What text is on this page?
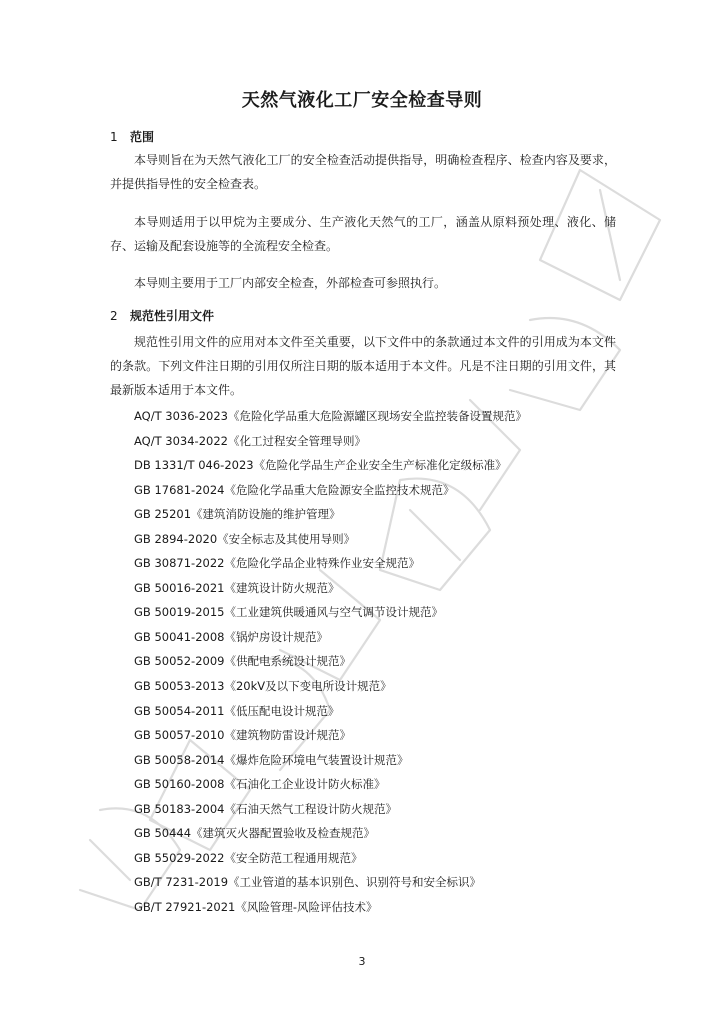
天然气液化工厂安全检查导则
1 范围

本导则旨在为天然气液化工厂的安全检查活动提供指导，明确检查程序、检查内容及要求，并提供指导性的安全检查表。

本导则适用于以甲烷为主要成分、生产液化天然气的工厂，涵盖从原料预处理、液化、储存、运输及配套设施等的全流程安全检查。

本导则主要用于工厂内部安全检查，外部检查可参照执行。

2 规范性引用文件

规范性引用文件的应用对本文件至关重要，以下文件中的条款通过本文件的引用成为本文件的条款。下列文件注日期的引用仅所注日期的版本适用于本文件。凡是不注日期的引用文件，其最新版本适用于本文件。

AQ/T 3036-2023《危险化学品重大危险源罐区现场安全监控装备设置规范》
AQ/T 3034-2022《化工过程安全管理导则》
DB 1331/T 046-2023《危险化学品生产企业安全生产标准化定级标准》
GB 17681-2024《危险化学品重大危险源安全监控技术规范》
GB 25201《建筑消防设施的维护管理》
GB 2894-2020《安全标志及其使用导则》
GB 30871-2022《危险化学品企业特殊作业安全规范》
GB 50016-2021《建筑设计防火规范》
GB 50019-2015《工业建筑供暖通风与空气调节设计规范》
GB 50041-2008《锅炉房设计规范》
GB 50052-2009《供配电系统设计规范》
GB 50053-2013《20kV及以下变电所设计规范》
GB 50054-2011《低压配电设计规范》
GB 50057-2010《建筑物防雷设计规范》
GB 50058-2014《爆炸危险环境电气装置设计规范》
GB 50160-2008《石油化工企业设计防火标准》
GB 50183-2004《石油天然气工程设计防火规范》
GB 50444《建筑灭火器配置验收及检查规范》
GB 55029-2022《安全防范工程通用规范》
GB/T 7231-2019《工业管道的基本识别色、识别符号和安全标识》
GB/T 27921-2021《风险管理-风险评估技术》
3
